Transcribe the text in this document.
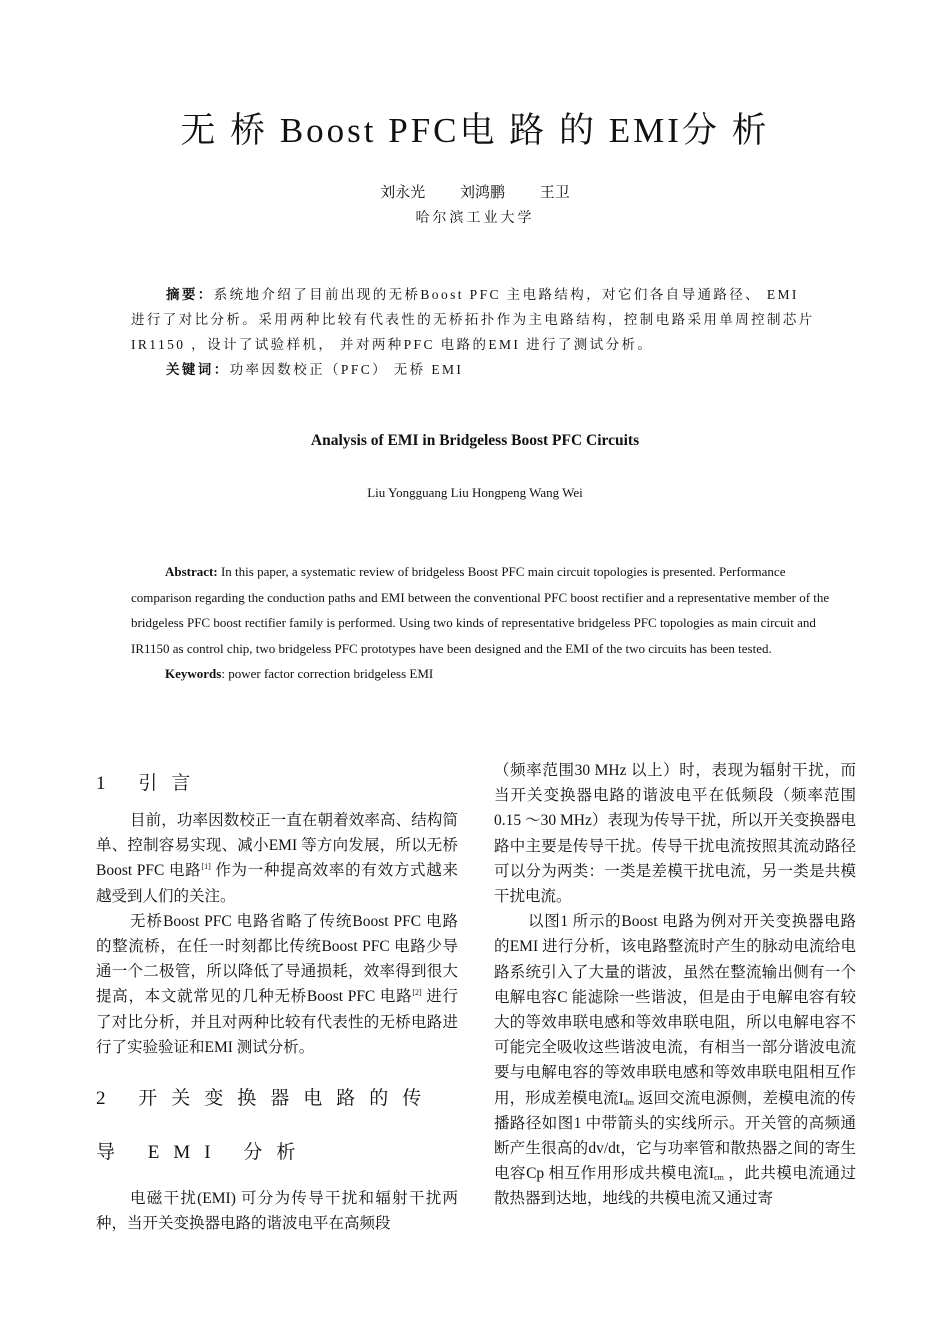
无 桥 Boost PFC电 路 的 EMI分 析
刘永光 刘鸿鹏 王卫
哈尔滨工业大学

摘要：系统地介绍了目前出现的无桥Boost PFC 主电路结构，对它们各自导通路径、 EMI 进行了对比分析。采用两种比较有代表性的无桥拓扑作为主电路结构，控制电路采用单周控制芯片IR1150 ，设计了试验样机， 并对两种PFC 电路的EMI 进行了测试分析。

关键词：功率因数校正（PFC） 无桥 EMI

Analysis of EMI in Bridgeless Boost PFC Circuits
Liu Yongguang Liu Hongpeng Wang Wei

Abstract: In this paper, a systematic review of bridgeless Boost PFC main circuit topologies is presented. Performance comparison regarding the conduction paths and EMI between the conventional PFC boost rectifier and a representative member of the bridgeless PFC boost rectifier family is performed. Using two kinds of representative bridgeless PFC topologies as main circuit and IR1150 as control chip, two bridgeless PFC prototypes have been designed and the EMI of the two circuits has been tested.

Keywords: power factor correction bridgeless EMI

1 引言

目前，功率因数校正一直在朝着效率高、结构简单、控制容易实现、减小EMI 等方向发展，所以无桥Boost PFC 电路[1] 作为一种提高效率的有效方式越来越受到人们的关注。

无桥Boost PFC 电路省略了传统Boost PFC 电路的整流桥，在任一时刻都比传统Boost PFC 电路少导通一个二极管，所以降低了导通损耗，效率得到很大提高，本文就常见的几种无桥Boost PFC 电路[2] 进行了对比分析，并且对两种比较有代表性的无桥电路进行了实验验证和EMI 测试分析。

2 开关变换器电路的传导 EMI 分析

电磁干扰(EMI) 可分为传导干扰和辐射干扰两种，当开关变换器电路的谐波电平在高频段

（频率范围30 MHz 以上）时，表现为辐射干扰，而当开关变换器电路的谐波电平在低频段（频率范围0.15 ～30 MHz）表现为传导干扰，所以开关变换器电路中主要是传导干扰。传导干扰电流按照其流动路径可以分为两类：一类是差模干扰电流，另一类是共模干扰电流。

以图1 所示的Boost 电路为例对开关变换器电路的EMI 进行分析，该电路整流时产生的脉动电流给电路系统引入了大量的谐波，虽然在整流输出侧有一个电解电容C 能滤除一些谐波，但是由于电解电容有较大的等效串联电感和等效串联电阻，所以电解电容不可能完全吸收这些谐波电流，有相当一部分谐波电流要与电解电容的等效串联电感和等效串联电阻相互作用，形成差模电流$I_{dm}$ 返回交流电源侧，差模电流的传播路径如图1 中带箭头的实线所示。开关管的高频通断产生很高的dv/dt，它与功率管和散热器之间的寄生电容Cp 相互作用形成共模电流$I_{cm}$ ，此共模电流通过散热器到达地，地线的共模电流又通过寄
